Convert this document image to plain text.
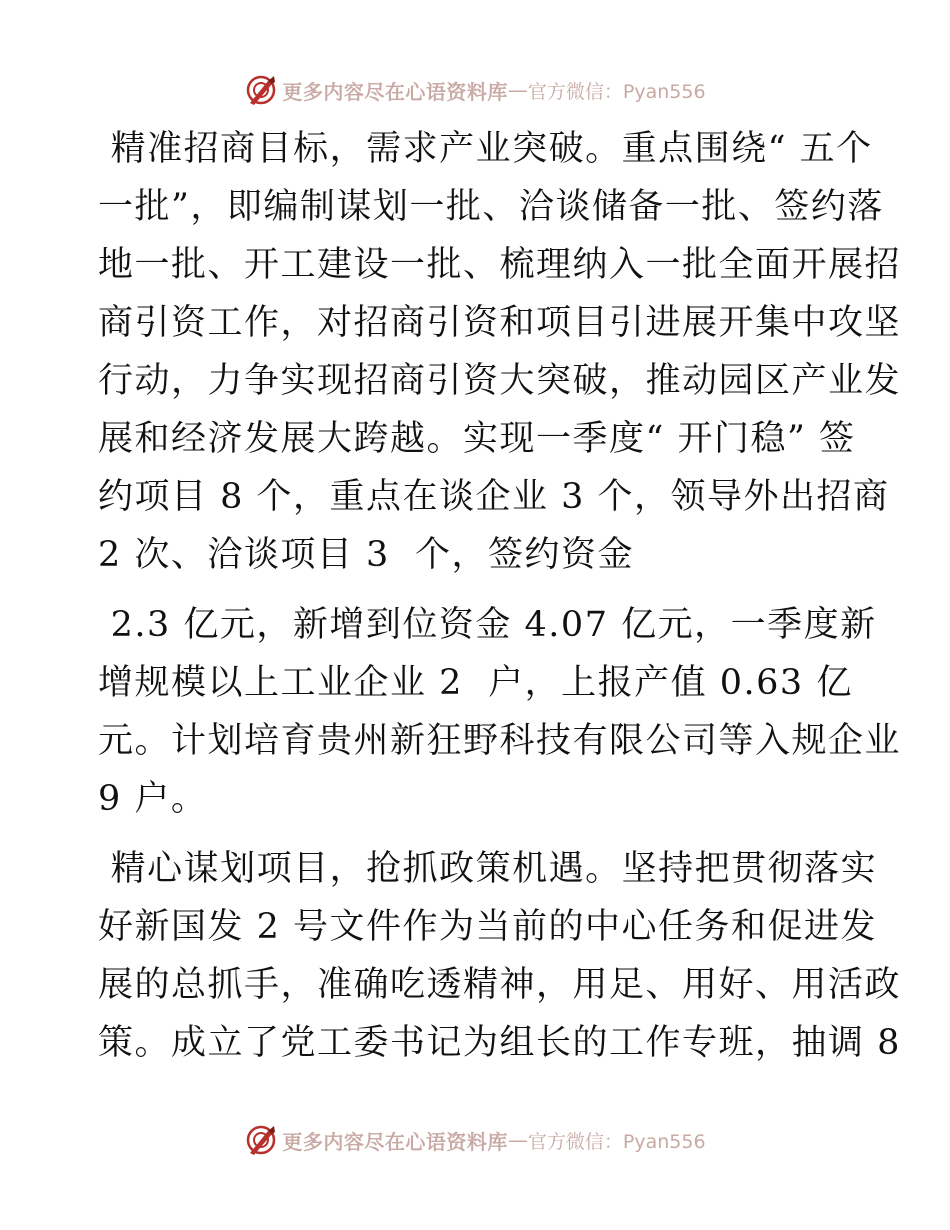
更多内容尽在心语资料库 — 官方微信：Pyan556

精准招商目标，需求产业突破。重点围绕“ 五个
一批”，即编制谋划一批、洽谈储备一批、签约落
地一批、开工建设一批、梳理纳入一批全面开展招
商引资工作，对招商引资和项目引进展开集中攻坚
行动，力争实现招商引资大突破，推动园区产业发
展和经济发展大跨越。实现一季度“ 开门稳” 签
约项目 8 个，重点在谈企业 3 个，领导外出招商
2 次、洽谈项目 3  个，签约资金

2.3 亿元，新增到位资金 4.07 亿元，一季度新
增规模以上工业企业 2  户，上报产值 0.63 亿
元。计划培育贵州新狂野科技有限公司等入规企业
9 户。

精心谋划项目，抢抓政策机遇。坚持把贯彻落实
好新国发 2 号文件作为当前的中心任务和促进发
展的总抓手，准确吃透精神，用足、用好、用活政
策。成立了党工委书记为组长的工作专班，抽调 8

更多内容尽在心语资料库 — 官方微信：Pyan556
